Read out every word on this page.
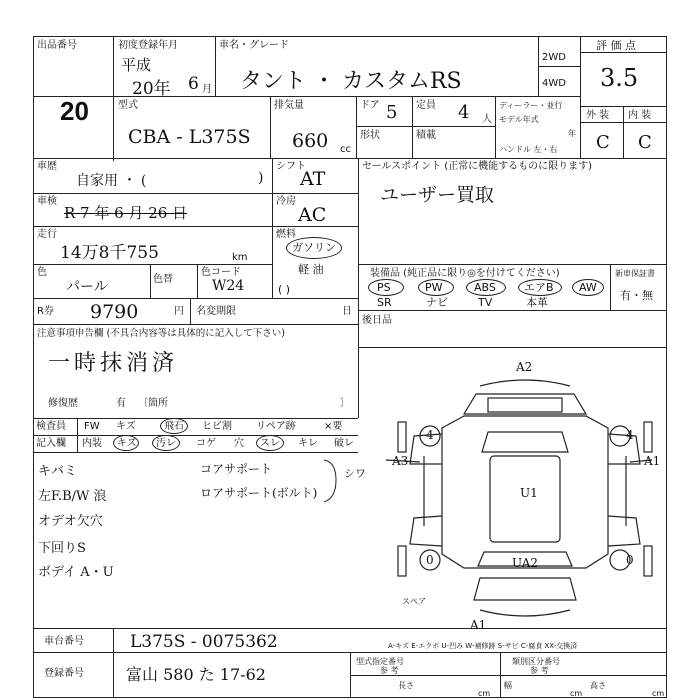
出品番号
20
初度登録年月
平成
20年 6 月
車名・グレード
タント ・ カスタムRS
2WD
4WD
評 価 点
3.5
型式
CBA - L375S
排気量
660 cc
ドア 5
形状
定員 4 人
積載
ディーラー・並行
モデル年式
年
ハンドル 左・右
外 装 内 装
C C
車歴
自家用 ・ (	)
シフト
AT
車検
R 7 年 6 月 26 日
冷房
AC
走行
14万8千755	km
燃料
ガソリン
軽 油
( )
色
パール	色替
色コード
W24
R券 9790	円 名変期限	日
注意事項申告欄 (不具合内容等は具体的に記入して下さい)
一時抹消済
修復歴	有 〔箇所	〕
セールスポイント (正常に機能するものに限ります)
ユーザー買取
装備品 (純正品に限り◎を付けてください)	新車保証書
有・無
PS	PW	ABS	エアB AW
SR	ナビ	TV	本革
後日品
検査員
記入欄
FW キズ	飛石 ヒビ割 リペア跡	×要
内装 キズ 汚レ コゲ 穴 スレ キレ 破レ
キバミ
左F.B/W 浪
オデオ欠穴
下回りS
ボデイ A・U
コアサポート
ロアサポート(ボルト)
シワ
A2
4	4
A3	A1
U1
0	0
UA2
A1
スペア
A-キズ E-エクボ U-凹み W-補修跡 S-サビ C-腐食 XX-交換済
車台番号	L375S - 0075362
登録番号	富山 580 た 17-62
型式指定番号
参 考
類別区分番号
参 考
長さ
cm
幅
cm
高さ
cm
